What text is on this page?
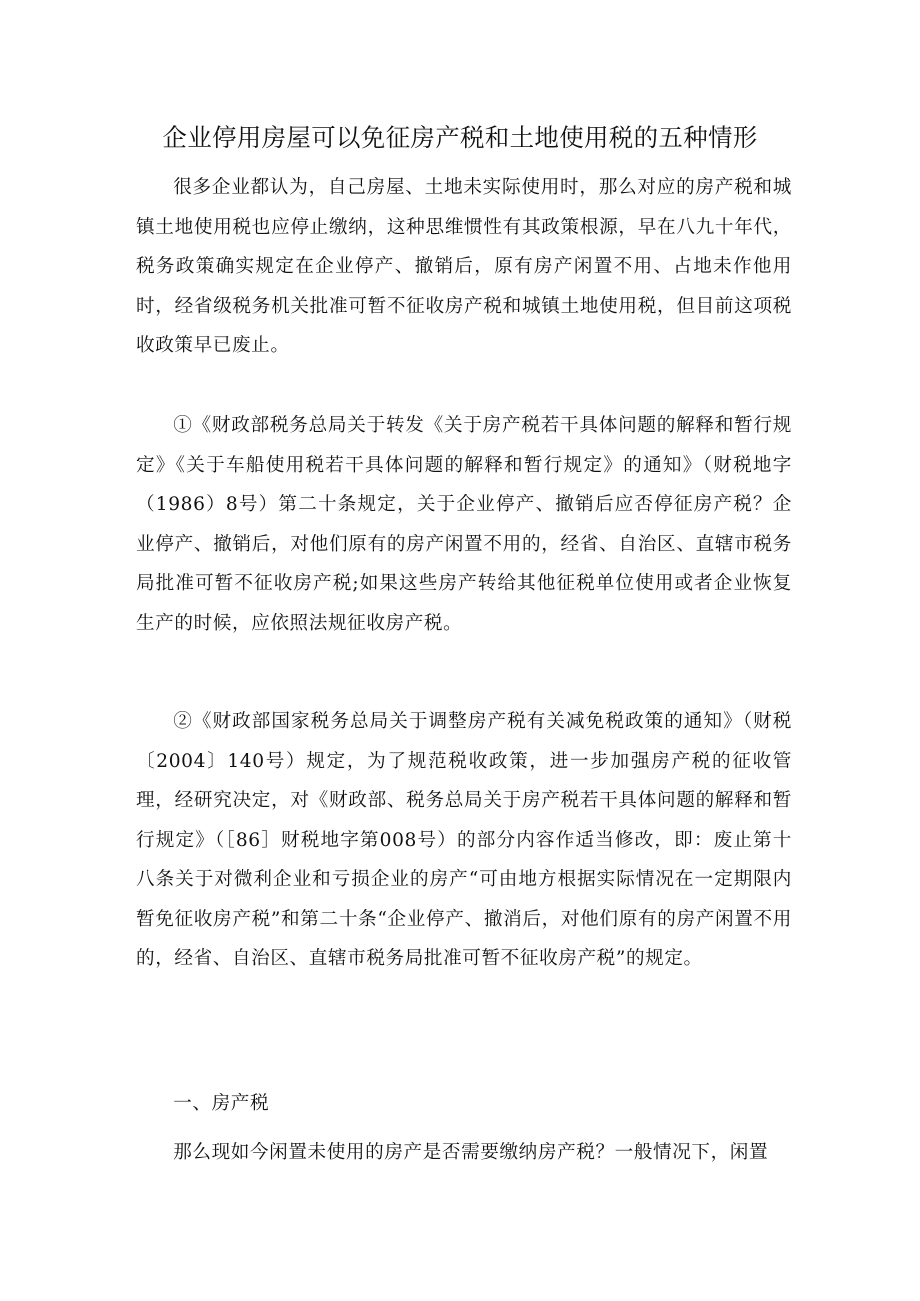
企业停用房屋可以免征房产税和土地使用税的五种情形

很多企业都认为，自己房屋、土地未实际使用时，那么对应的房产税和城镇土地使用税也应停止缴纳，这种思维惯性有其政策根源，早在八九十年代，税务政策确实规定在企业停产、撤销后，原有房产闲置不用、占地未作他用时，经省级税务机关批准可暂不征收房产税和城镇土地使用税，但目前这项税收政策早已废止。

①《财政部税务总局关于转发《关于房产税若干具体问题的解释和暂行规定》《关于车船使用税若干具体问题的解释和暂行规定》的通知》（财税地字（1986）8号）第二十条规定，关于企业停产、撤销后应否停征房产税？企业停产、撤销后，对他们原有的房产闲置不用的，经省、自治区、直辖市税务局批准可暂不征收房产税;如果这些房产转给其他征税单位使用或者企业恢复生产的时候，应依照法规征收房产税。

②《财政部国家税务总局关于调整房产税有关减免税政策的通知》（财税〔2004〕140号）规定，为了规范税收政策，进一步加强房产税的征收管理，经研究决定，对《财政部、税务总局关于房产税若干具体问题的解释和暂行规定》（［86］财税地字第008号）的部分内容作适当修改，即：废止第十八条关于对微利企业和亏损企业的房产“可由地方根据实际情况在一定期限内暂免征收房产税”和第二十条“企业停产、撤消后，对他们原有的房产闲置不用的，经省、自治区、直辖市税务局批准可暂不征收房产税”的规定。

一、房产税

那么现如今闲置未使用的房产是否需要缴纳房产税？一般情况下，闲置
